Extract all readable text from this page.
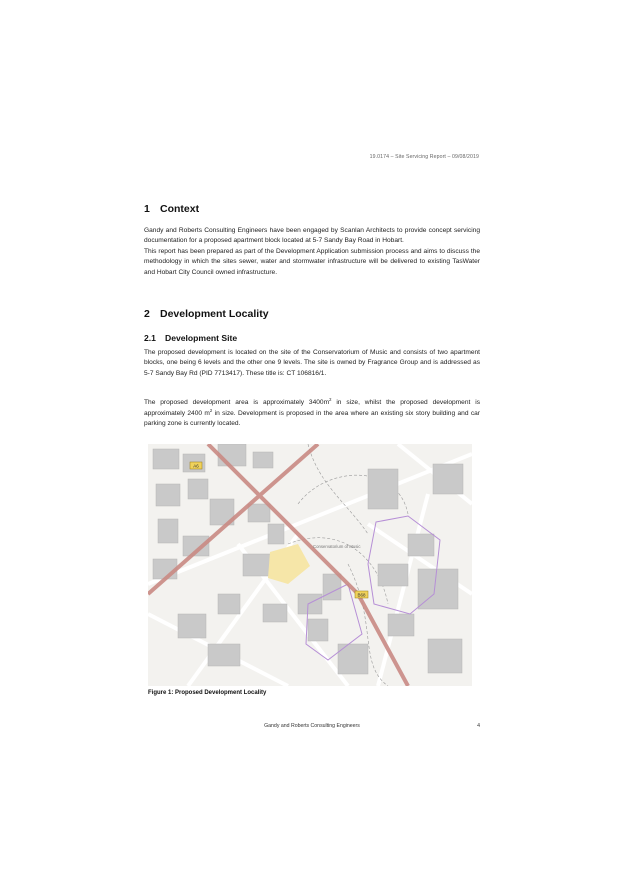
19.0174 – Site Servicing Report – 09/08/2019
1 Context

Gandy and Roberts Consulting Engineers have been engaged by Scanlan Architects to provide concept servicing documentation for a proposed apartment block located at 5-7 Sandy Bay Road in Hobart.

This report has been prepared as part of the Development Application submission process and aims to discuss the methodology in which the sites sewer, water and stormwater infrastructure will be delivered to existing TasWater and Hobart City Council owned infrastructure.

2 Development Locality
2.1 Development Site

The proposed development is located on the site of the Conservatorium of Music and consists of two apartment blocks, one being 6 levels and the other one 9 levels. The site is owned by Fragrance Group and is addressed as 5-7 Sandy Bay Rd (PID 7713417). These title is: CT 106816/1.

The proposed development area is approximately $3400m^2$ in size, whilst the proposed development is approximately 2400 $m^2$ in size. Development is proposed in the area where an existing six story building and car parking zone is currently located.

A6
B68
Conservatorium of Music
Figure 1: Proposed Development Locality
Gandy and Roberts Consulting Engineers	4
